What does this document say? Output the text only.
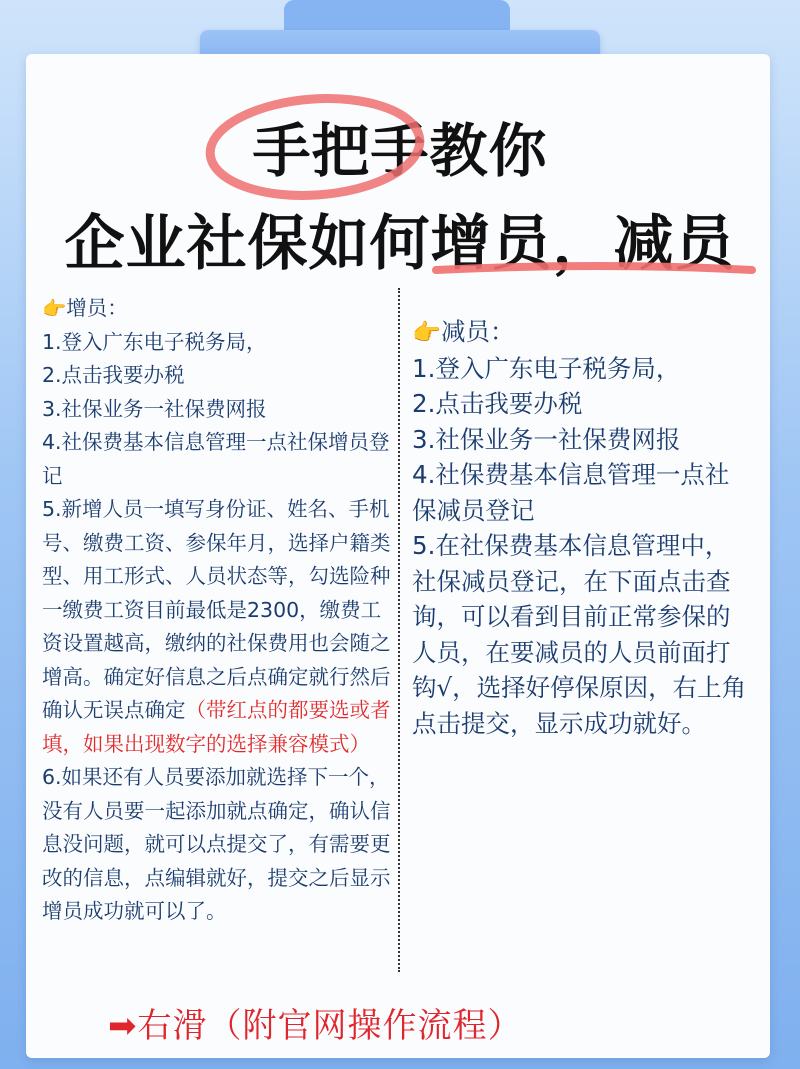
手把手教你
企业社保如何增员，减员
👉增员：

1.登入广东电子税务局，

2.点击我要办税

3.社保业务一社保费网报

4.社保费基本信息管理一点社保增员登记

5.新增人员一填写身份证、姓名、手机号、缴费工资、参保年月，选择户籍类型、用工形式、人员状态等，勾选险种一缴费工资目前最低是2300，缴费工资设置越高，缴纳的社保费用也会随之增高。确定好信息之后点确定就行然后确认无误点确定（带红点的都要选或者填，如果出现数字的选择兼容模式）

6.如果还有人员要添加就选择下一个，没有人员要一起添加就点确定，确认信息没问题，就可以点提交了，有需要更改的信息，点编辑就好，提交之后显示增员成功就可以了。

👉减员：

1.登入广东电子税务局，

2.点击我要办税

3.社保业务一社保费网报

4.社保费基本信息管理一点社保减员登记

5.在社保费基本信息管理中，社保减员登记，在下面点击查询，可以看到目前正常参保的人员，在要减员的人员前面打钩√，选择好停保原因，右上角点击提交，显示成功就好。

➡右滑（附官网操作流程）
